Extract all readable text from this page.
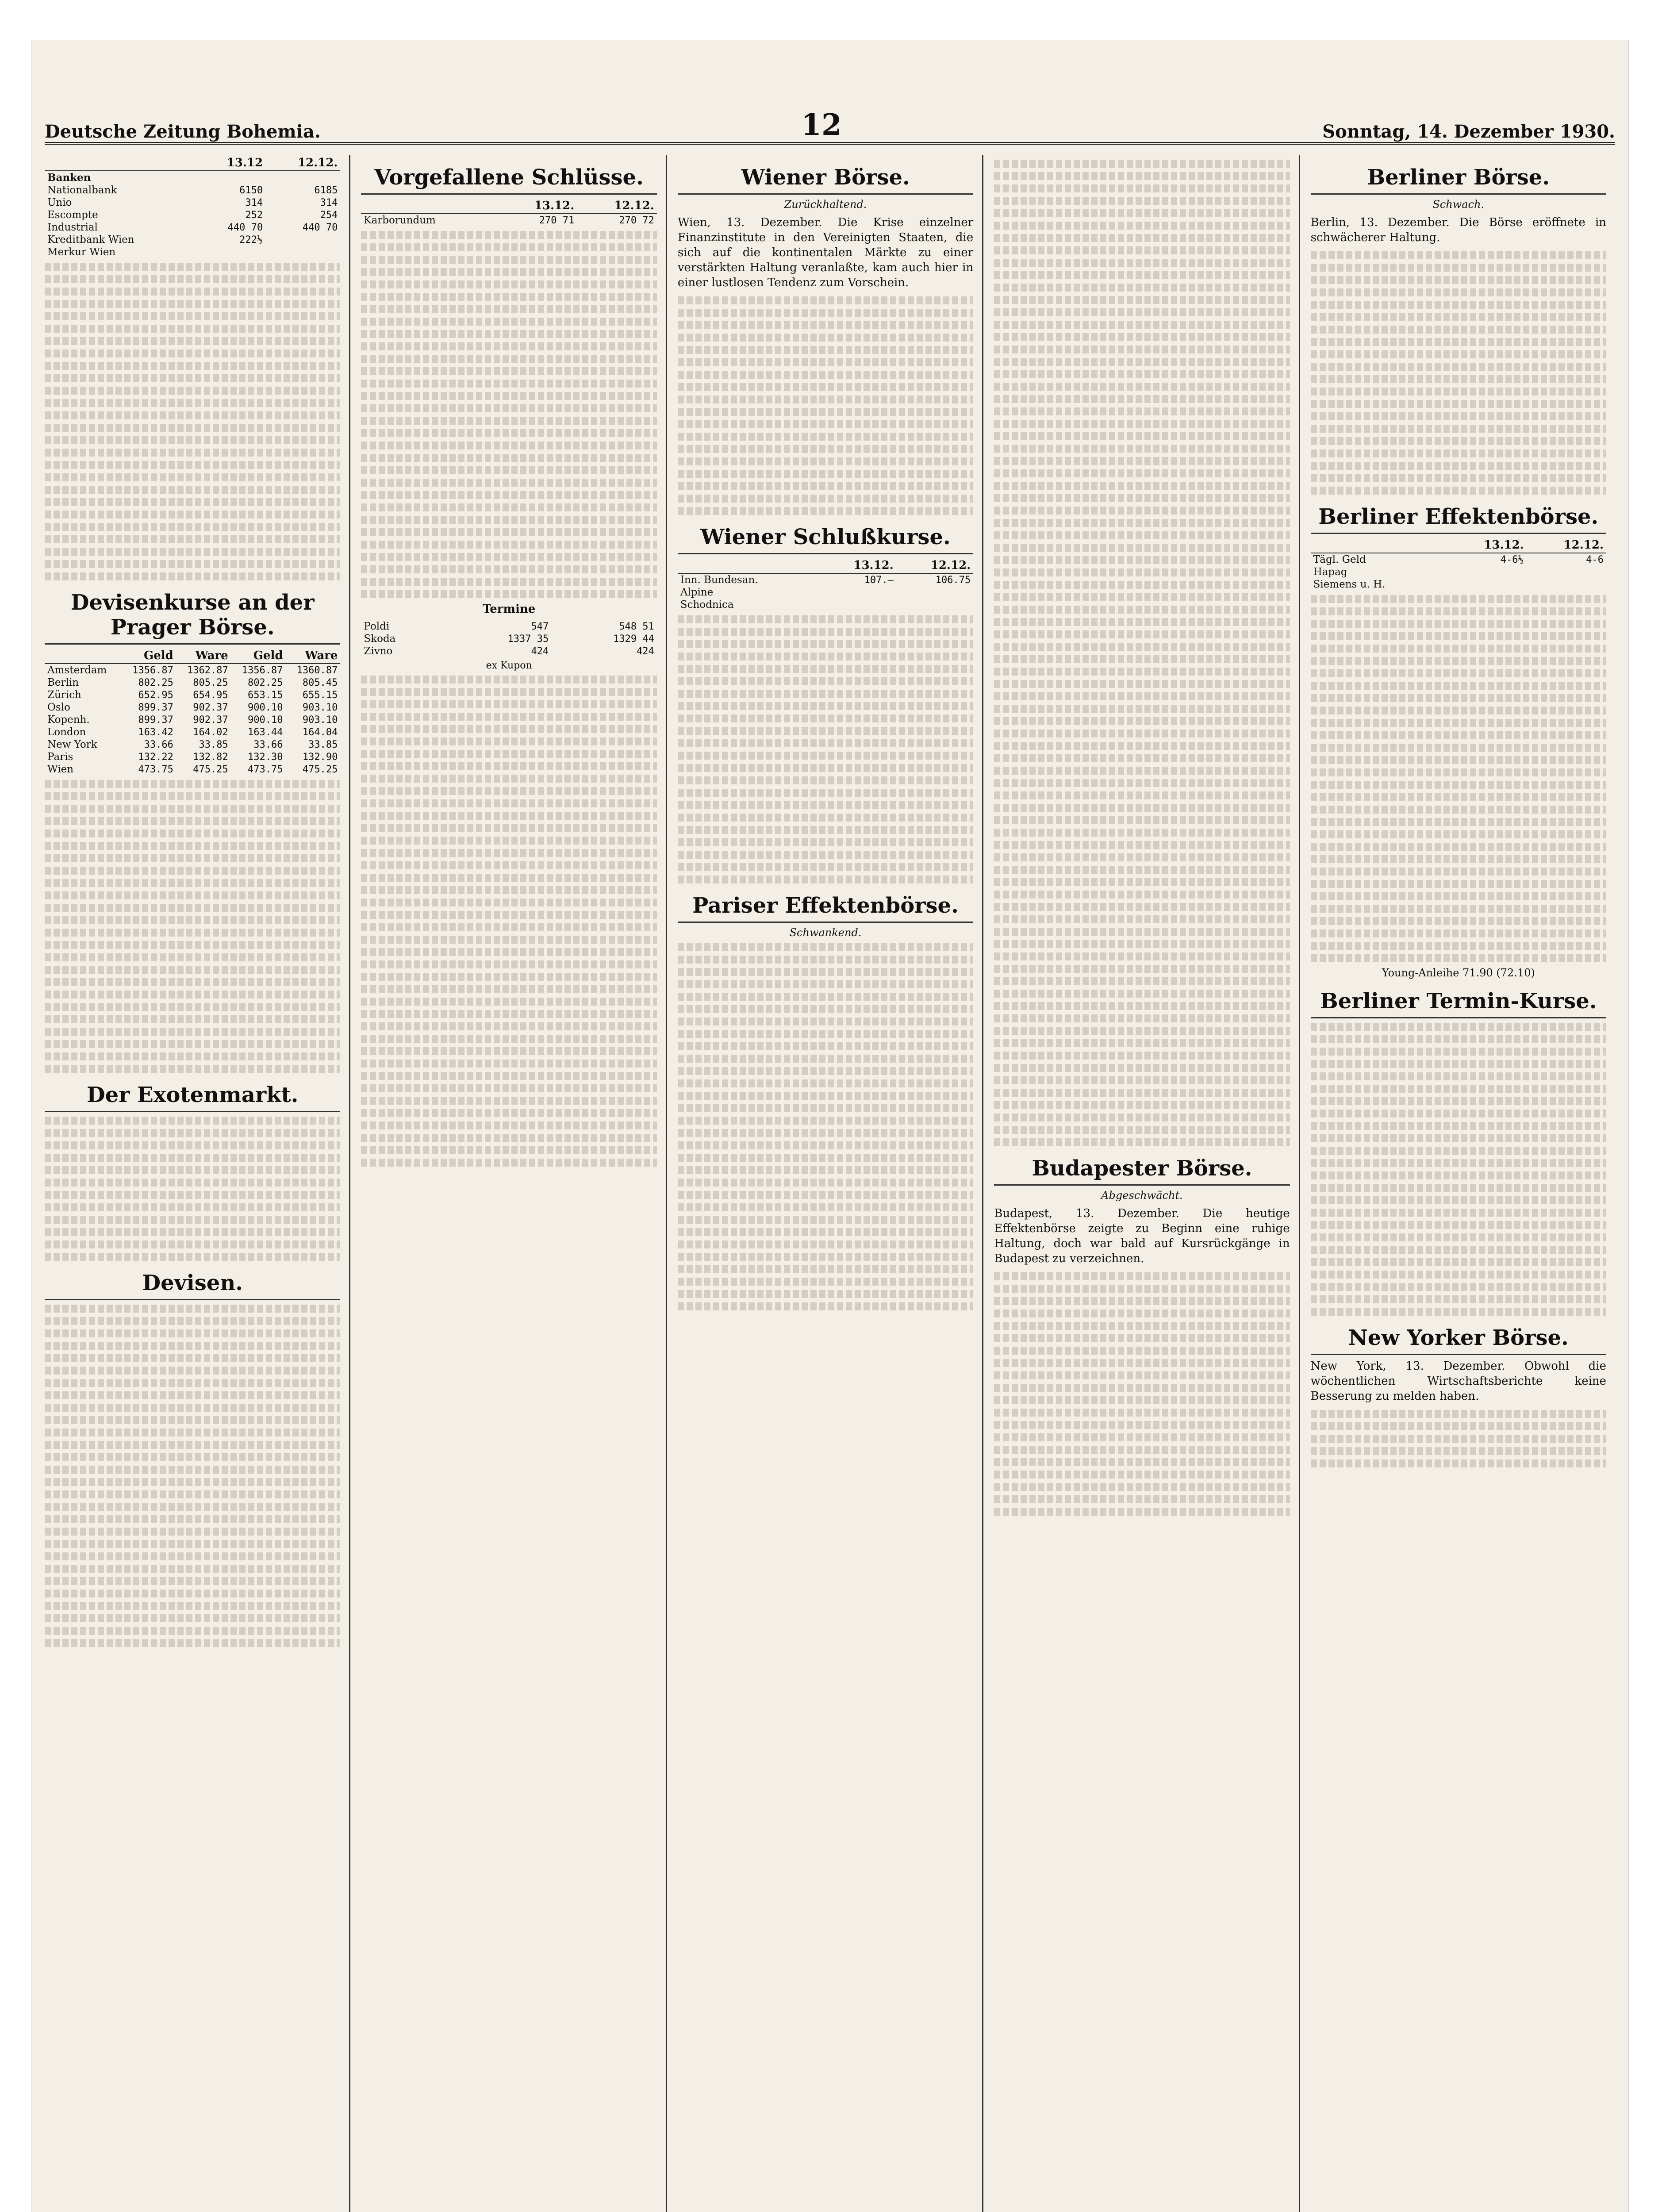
Deutsche Zeitung Bohemia.	12	Sonntag, 14. Dezember 1930.
	13.12	12.12.
Banken		
Nationalbank	6150	6185
Unio	314	314
Escompte	252	254
Industrial	440 70	440 70
Kreditbank Wien	222½	
Merkur Wien		
Devisenkurse an der Prager Börse.
	Geld	Ware	Geld	Ware
Amsterdam	1356.87	1362.87	1356.87	1360.87
Berlin	802.25	805.25	802.25	805.45
Zürich	652.95	654.95	653.15	655.15
Oslo	899.37	902.37	900.10	903.10
Kopenh.	899.37	902.37	900.10	903.10
London	163.42	164.02	163.44	164.04
New York	33.66	33.85	33.66	33.85
Paris	132.22	132.82	132.30	132.90
Wien	473.75	475.25	473.75	475.25
Der Exotenmarkt.
Devisen.
Vorgefallene Schlüsse.
	13.12.	12.12.
Karborundum	270 71	270 72
Termine
Poldi	547	548 51
Skoda	1337 35	1329 44
Zivno	424	424
ex Kupon
Wiener Börse.
Zurückhaltend.

Wien, 13. Dezember. Die Krise einzelner Finanzinstitute in den Vereinigten Staaten, die sich auf die kontinentalen Märkte zu einer verstärkten Haltung veranlaßte, kam auch hier in einer lustlosen Tendenz zum Vorschein.

Wiener Schlußkurse.
	13.12.	12.12.
Inn. Bundesan.	107.—	106.75
Alpine		
Schodnica		
Pariser Effektenbörse.
Schwankend.
Budapester Börse.
Abgeschwächt.

Budapest, 13. Dezember. Die heutige Effektenbörse zeigte zu Beginn eine ruhige Haltung, doch war bald auf Kursrückgänge in Budapest zu verzeichnen.

Berliner Börse.
Schwach.

Berlin, 13. Dezember. Die Börse eröffnete in schwächerer Haltung.

Berliner Effektenbörse.
	13.12.	12.12.
Tägl. Geld	4-6½	4-6
Hapag		
Siemens u. H.		
Young-Anleihe 71.90 (72.10)
Berliner Termin-Kurse.
New Yorker Börse.

New York, 13. Dezember. Obwohl die wöchentlichen Wirtschaftsberichte keine Besserung zu melden haben.
